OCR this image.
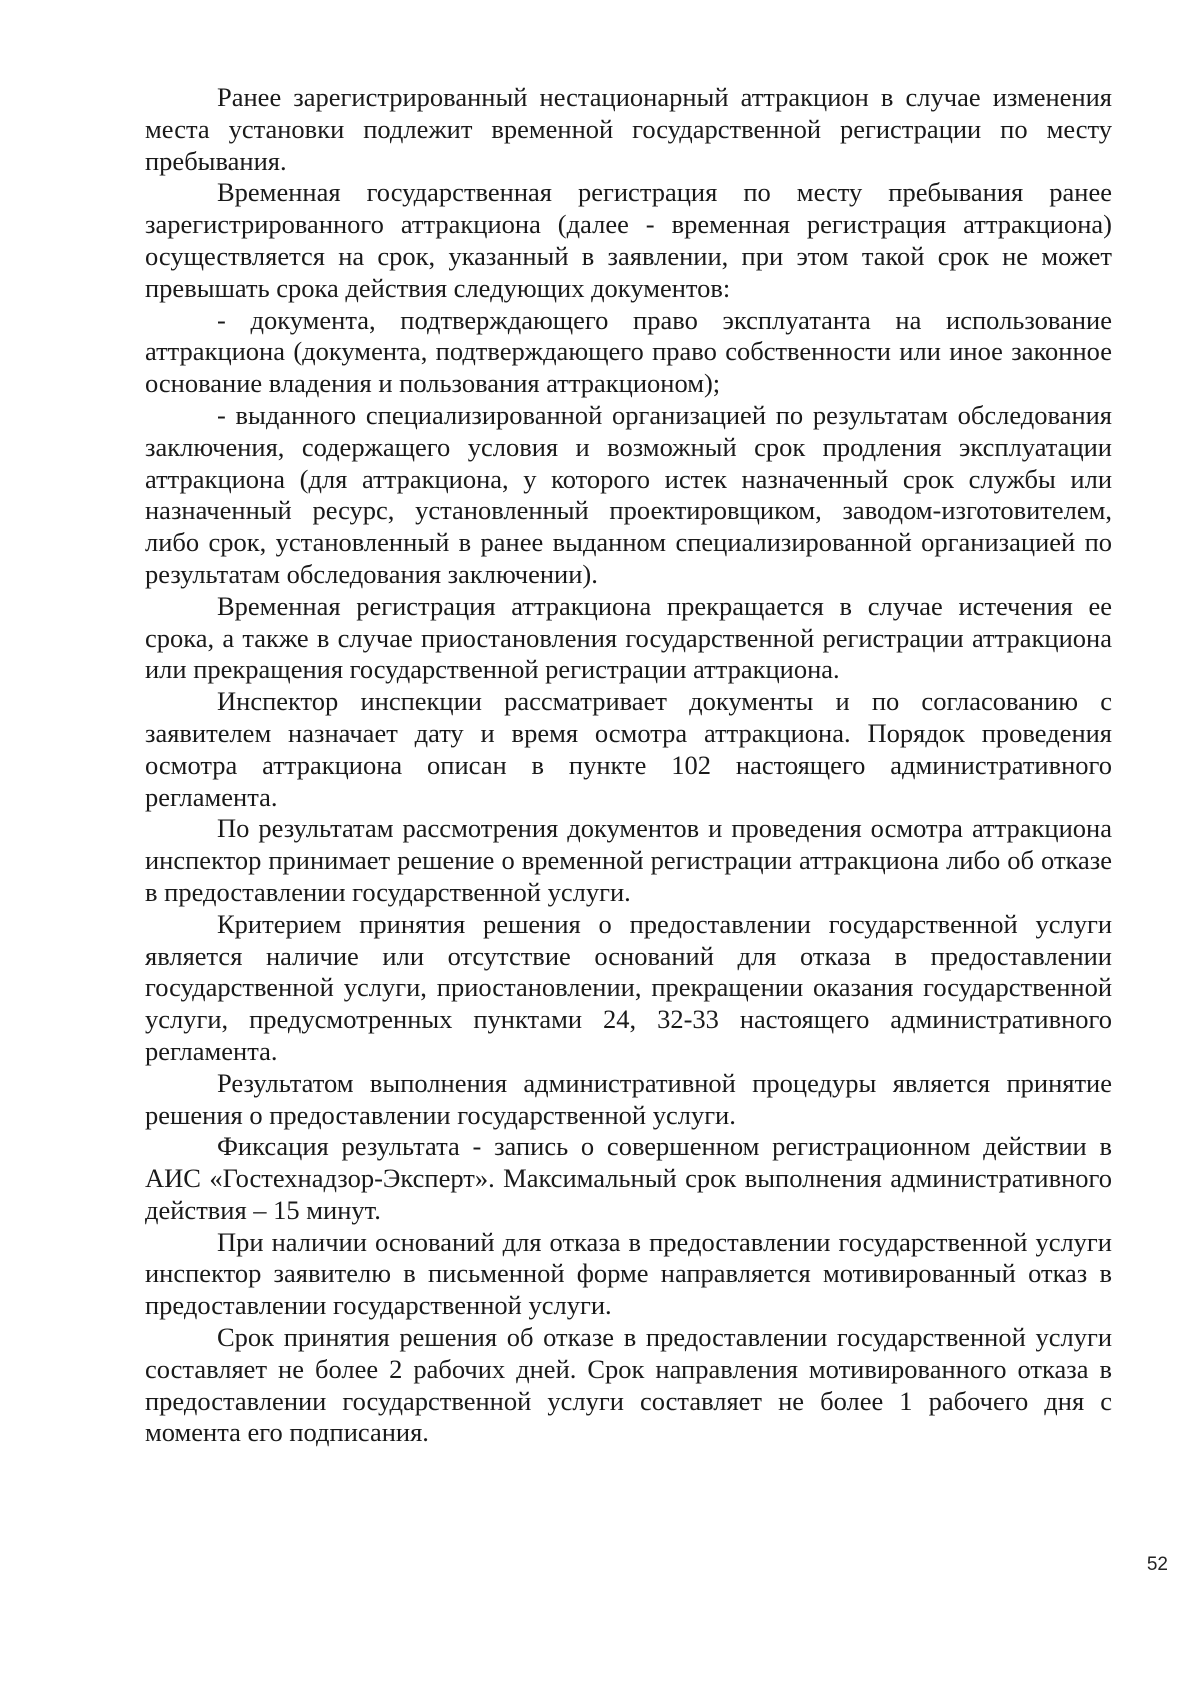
Ранее зарегистрированный нестационарный аттракцион в случае изменения места установки подлежит временной государственной регистрации по месту пребывания.

Временная государственная регистрация по месту пребывания ранее зарегистрированного аттракциона (далее - временная регистрация аттракциона) осуществляется на срок, указанный в заявлении, при этом такой срок не может превышать срока действия следующих документов:

- документа, подтверждающего право эксплуатанта на использование аттракциона (документа, подтверждающего право собственности или иное законное основание владения и пользования аттракционом);

- выданного специализированной организацией по результатам обследования заключения, содержащего условия и возможный срок продления эксплуатации аттракциона (для аттракциона, у которого истек назначенный срок службы или назначенный ресурс, установленный проектировщиком, заводом-изготовителем, либо срок, установленный в ранее выданном специализированной организацией по результатам обследования заключении).

Временная регистрация аттракциона прекращается в случае истечения ее срока, а также в случае приостановления государственной регистрации аттракциона или прекращения государственной регистрации аттракциона.

Инспектор инспекции рассматривает документы и по согласованию с заявителем назначает дату и время осмотра аттракциона. Порядок проведения осмотра аттракциона описан в пункте 102 настоящего административного регламента.

По результатам рассмотрения документов и проведения осмотра аттракциона инспектор принимает решение о временной регистрации аттракциона либо об отказе в предоставлении государственной услуги.

Критерием принятия решения о предоставлении государственной услуги является наличие или отсутствие оснований для отказа в предоставлении государственной услуги, приостановлении, прекращении оказания государственной услуги, предусмотренных пунктами 24, 32-33 настоящего административного регламента.

Результатом выполнения административной процедуры является принятие решения о предоставлении государственной услуги.

Фиксация результата - запись о совершенном регистрационном действии в АИС «Гостехнадзор-Эксперт». Максимальный срок выполнения административного действия – 15 минут.

При наличии оснований для отказа в предоставлении государственной услуги инспектор заявителю в письменной форме направляется мотивированный отказ в предоставлении государственной услуги.

Срок принятия решения об отказе в предоставлении государственной услуги составляет не более 2 рабочих дней. Срок направления мотивированного отказа в предоставлении государственной услуги составляет не более 1 рабочего дня с момента его подписания.

52
